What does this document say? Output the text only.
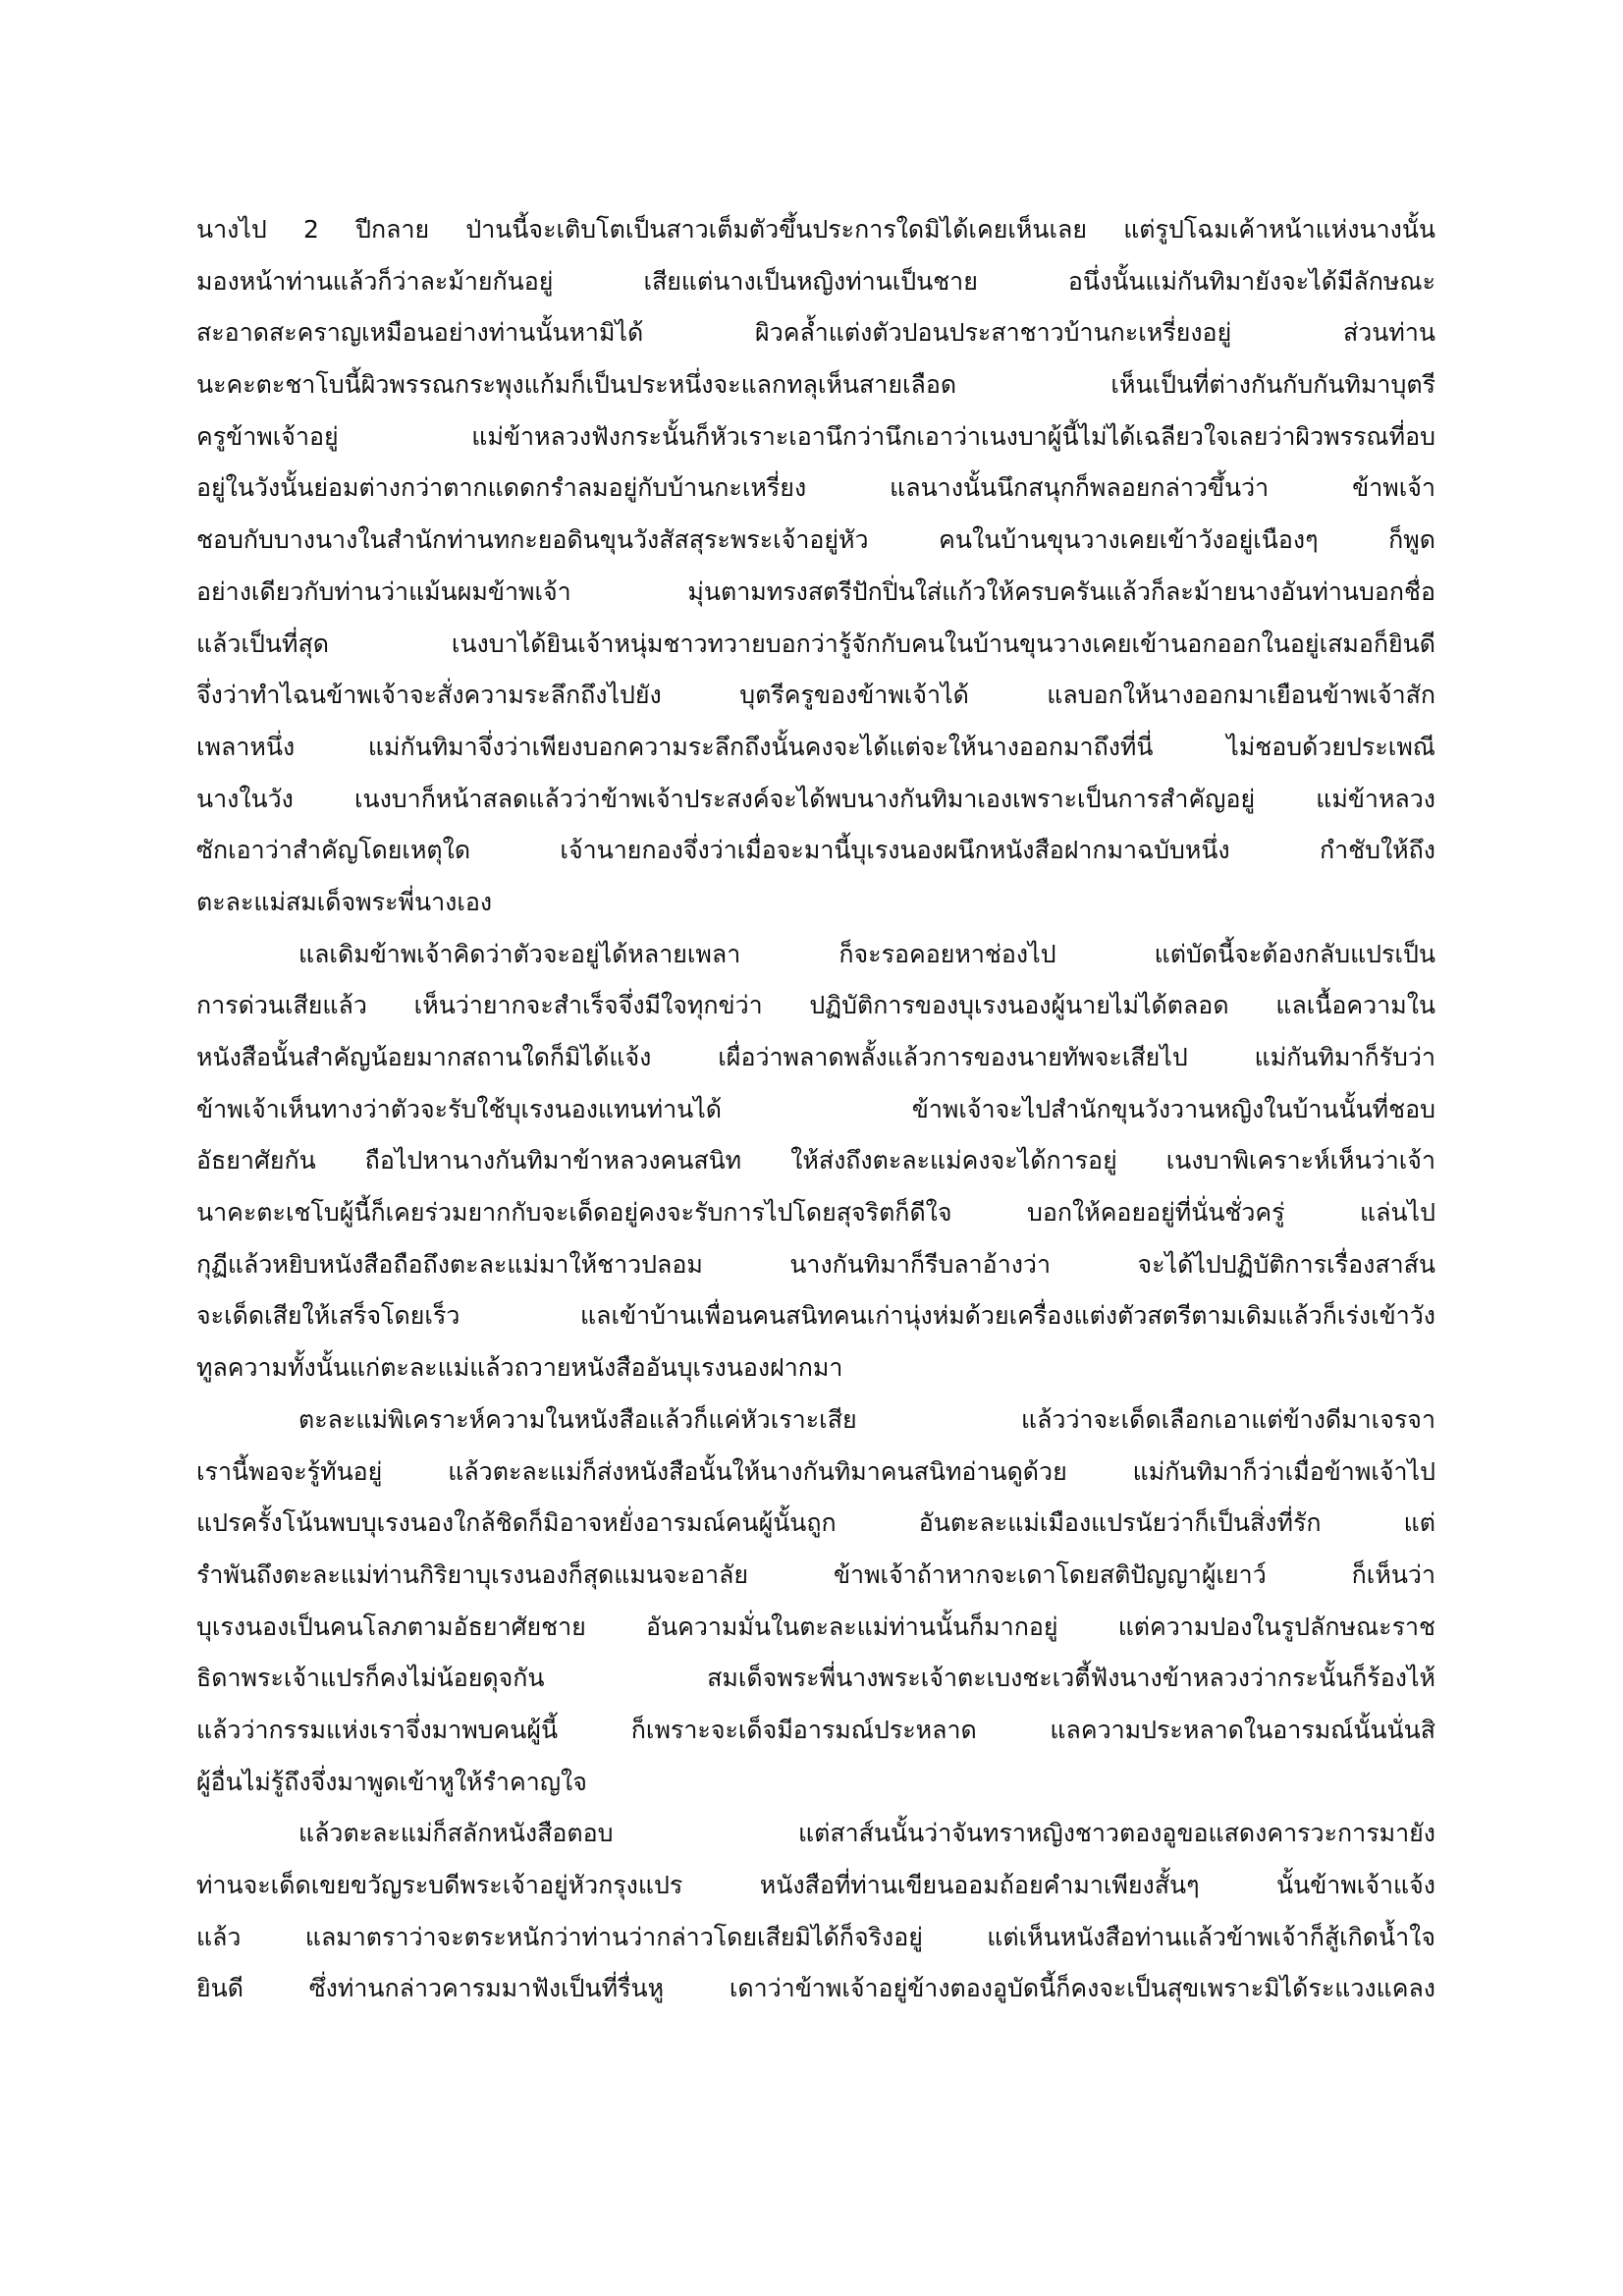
นางไป 2 ปีกลาย ป่านนี้จะเติบโตเป็นสาวเต็มตัวขึ้นประการใดมิได้เคยเห็นเลย แต่รูปโฉมเค้าหน้าแห่งนางนั้น
มองหน้าท่านแล้วก็ว่าละม้ายกันอยู่ เสียแต่นางเป็นหญิงท่านเป็นชาย อนึ่งนั้นแม่กันทิมายังจะได้มีลักษณะ
สะอาดสะคราญเหมือนอย่างท่านนั้นหามิได้ ผิวคล้ำแต่งตัวปอนประสาชาวบ้านกะเหรี่ยงอยู่ ส่วนท่าน
นะคะตะชาโบนี้ผิวพรรณกระพุงแก้มก็เป็นประหนึ่งจะแลกทลุเห็นสายเลือด เห็นเป็นที่ต่างกันกับกันทิมาบุตรี
ครูข้าพเจ้าอยู่ แม่ข้าหลวงฟังกระนั้นก็หัวเราะเอานึกว่านึกเอาว่าเนงบาผู้นี้ไม่ได้เฉลียวใจเลยว่าผิวพรรณที่อบ
อยู่ในวังนั้นย่อมต่างกว่าตากแดดกรำลมอยู่กับบ้านกะเหรี่ยง แลนางนั้นนึกสนุกก็พลอยกล่าวขึ้นว่า ข้าพเจ้า
ชอบกับบางนางในสำนักท่านทกะยอดินขุนวังสัสสุระพระเจ้าอยู่หัว คนในบ้านขุนวางเคยเข้าวังอยู่เนืองๆ ก็พูด
อย่างเดียวกับท่านว่าแม้นผมข้าพเจ้า มุ่นตามทรงสตรีปักปิ่นใส่แก้วให้ครบครันแล้วก็ละม้ายนางอันท่านบอกชื่อ
แล้วเป็นที่สุด เนงบาได้ยินเจ้าหนุ่มชาวทวายบอกว่ารู้จักกับคนในบ้านขุนวางเคยเข้านอกออกในอยู่เสมอก็ยินดี
จึ่งว่าทำไฉนข้าพเจ้าจะสั่งความระลึกถึงไปยัง บุตรีครูของข้าพเจ้าได้ แลบอกให้นางออกมาเยือนข้าพเจ้าสัก
เพลาหนึ่ง แม่กันทิมาจึ่งว่าเพียงบอกความระลึกถึงนั้นคงจะได้แต่จะให้นางออกมาถึงที่นี่ ไม่ชอบด้วยประเพณี
นางในวัง เนงบาก็หน้าสลดแล้วว่าข้าพเจ้าประสงค์จะได้พบนางกันทิมาเองเพราะเป็นการสำคัญอยู่ แม่ข้าหลวง
ซักเอาว่าสำคัญโดยเหตุใด เจ้านายกองจึ่งว่าเมื่อจะมานี้บุเรงนองผนึกหนังสือฝากมาฉบับหนึ่ง กำชับให้ถึง
ตะละแม่สมเด็จพระพี่นางเอง
แลเดิมข้าพเจ้าคิดว่าตัวจะอยู่ได้หลายเพลา ก็จะรอคอยหาช่องไป แต่บัดนี้จะต้องกลับแปรเป็น
การด่วนเสียแล้ว เห็นว่ายากจะสำเร็จจึ่งมีใจทุกข่ว่า ปฏิบัติการของบุเรงนองผู้นายไม่ได้ตลอด แลเนื้อความใน
หนังสือนั้นสำคัญน้อยมากสถานใดก็มิได้แจ้ง เผื่อว่าพลาดพลั้งแล้วการของนายทัพจะเสียไป แม่กันทิมาก็รับว่า
ข้าพเจ้าเห็นทางว่าตัวจะรับใช้บุเรงนองแทนท่านได้ ข้าพเจ้าจะไปสำนักขุนวังวานหญิงในบ้านนั้นที่ชอบ
อัธยาศัยกัน ถือไปหานางกันทิมาข้าหลวงคนสนิท ให้ส่งถึงตะละแม่คงจะได้การอยู่ เนงบาพิเคราะห์เห็นว่าเจ้า
นาคะตะเชโบผู้นี้ก็เคยร่วมยากกับจะเด็ดอยู่คงจะรับการไปโดยสุจริตก็ดีใจ บอกให้คอยอยู่ที่นั่นชั่วครู่ แล่นไป
กุฏีแล้วหยิบหนังสือถือถึงตะละแม่มาให้ชาวปลอม นางกันทิมาก็รีบลาอ้างว่า จะได้ไปปฏิบัติการเรื่องสาส์น
จะเด็ดเสียให้เสร็จโดยเร็ว แลเข้าบ้านเพื่อนคนสนิทคนเก่านุ่งห่มด้วยเครื่องแต่งตัวสตรีตามเดิมแล้วก็เร่งเข้าวัง
ทูลความทั้งนั้นแก่ตะละแม่แล้วถวายหนังสืออันบุเรงนองฝากมา
ตะละแม่พิเคราะห์ความในหนังสือแล้วก็แค่หัวเราะเสีย แล้วว่าจะเด็ดเลือกเอาแต่ข้างดีมาเจรจา
เรานี้พอจะรู้ทันอยู่ แล้วตะละแม่ก็ส่งหนังสือนั้นให้นางกันทิมาคนสนิทอ่านดูด้วย แม่กันทิมาก็ว่าเมื่อข้าพเจ้าไป
แปรครั้งโน้นพบบุเรงนองใกล้ชิดก็มิอาจหยั่งอารมณ์คนผู้นั้นถูก อันตะละแม่เมืองแปรนัยว่าก็เป็นสิ่งที่รัก แต่
รำพันถึงตะละแม่ท่านกิริยาบุเรงนองก็สุดแมนจะอาลัย ข้าพเจ้าถ้าหากจะเดาโดยสติปัญญาผู้เยาว์ ก็เห็นว่า
บุเรงนองเป็นคนโลภตามอัธยาศัยชาย อันความมั่นในตะละแม่ท่านนั้นก็มากอยู่ แต่ความปองในรูปลักษณะราช
ธิดาพระเจ้าแปรก็คงไม่น้อยดุจกัน สมเด็จพระพี่นางพระเจ้าตะเบงชะเวตี้ฟังนางข้าหลวงว่ากระนั้นก็ร้องไห้
แล้วว่ากรรมแห่งเราจึ่งมาพบคนผู้นี้ ก็เพราะจะเด็จมีอารมณ์ประหลาด แลความประหลาดในอารมณ์นั้นนั่นสิ
ผู้อื่นไม่รู้ถึงจึ่งมาพูดเข้าหูให้รำคาญใจ
แล้วตะละแม่ก็สลักหนังสือตอบ แต่สาส์นนั้นว่าจันทราหญิงชาวตองอูขอแสดงคารวะการมายัง
ท่านจะเด็ดเขยขวัญระบดีพระเจ้าอยู่หัวกรุงแปร หนังสือที่ท่านเขียนออมถ้อยคำมาเพียงสั้นๆ นั้นข้าพเจ้าแจ้ง
แล้ว แลมาตราว่าจะตระหนักว่าท่านว่ากล่าวโดยเสียมิได้ก็จริงอยู่ แต่เห็นหนังสือท่านแล้วข้าพเจ้าก็สู้เกิดน้ำใจ
ยินดี ซึ่งท่านกล่าวคารมมาฟังเป็นที่รื่นหู เดาว่าข้าพเจ้าอยู่ข้างตองอูบัดนี้ก็คงจะเป็นสุขเพราะมิได้ระแวงแคลง
